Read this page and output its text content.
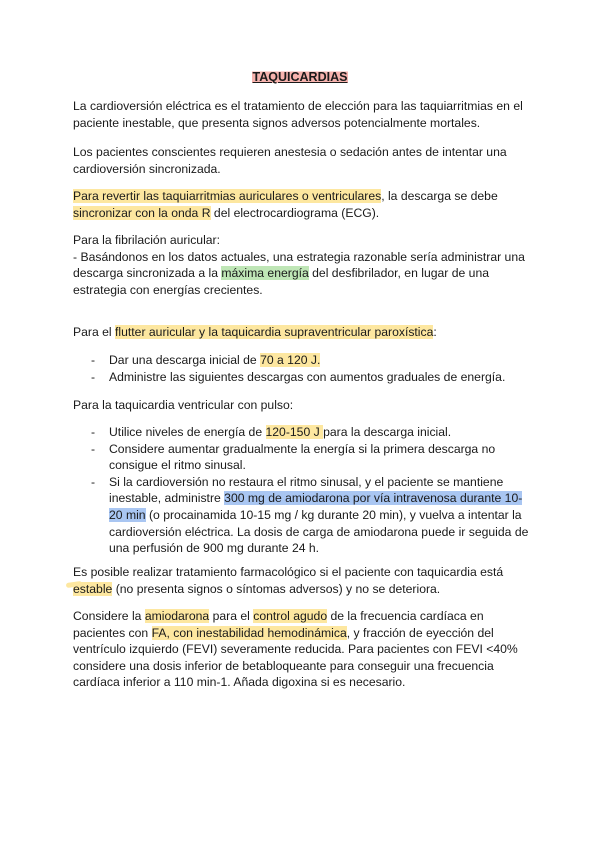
TAQUICARDIAS

La cardioversión eléctrica es el tratamiento de elección para las taquiarritmias en el paciente inestable, que presenta signos adversos potencialmente mortales.

Los pacientes conscientes requieren anestesia o sedación antes de intentar una cardioversión sincronizada.

Para revertir las taquiarritmias auriculares o ventriculares, la descarga se debe sincronizar con la onda R del electrocardiograma (ECG).

Para la fibrilación auricular:

- Basándonos en los datos actuales, una estrategia razonable sería administrar una descarga sincronizada a la máxima energía del desfibrilador, en lugar de una estrategia con energías crecientes.

Para el flutter auricular y la taquicardia supraventricular paroxística:

- Dar una descarga inicial de 70 a 120 J.
- Administre las siguientes descargas con aumentos graduales de energía.

Para la taquicardia ventricular con pulso:

- Utilice niveles de energía de 120-150 J para la descarga inicial.
- Considere aumentar gradualmente la energía si la primera descarga no consigue el ritmo sinusal.
- Si la cardioversión no restaura el ritmo sinusal, y el paciente se mantiene inestable, administre 300 mg de amiodarona por vía intravenosa durante 10-20 min (o procainamida 10-15 mg / kg durante 20 min), y vuelva a intentar la cardioversión eléctrica. La dosis de carga de amiodarona puede ir seguida de una perfusión de 900 mg durante 24 h.

Es posible realizar tratamiento farmacológico si el paciente con taquicardia está estable (no presenta signos o síntomas adversos) y no se deteriora.

Considere la amiodarona para el control agudo de la frecuencia cardíaca en pacientes con FA, con inestabilidad hemodinámica, y fracción de eyección del ventrículo izquierdo (FEVI) severamente reducida. Para pacientes con FEVI <40% considere una dosis inferior de betabloqueante para conseguir una frecuencia cardíaca inferior a 110 min-1. Añada digoxina si es necesario.
